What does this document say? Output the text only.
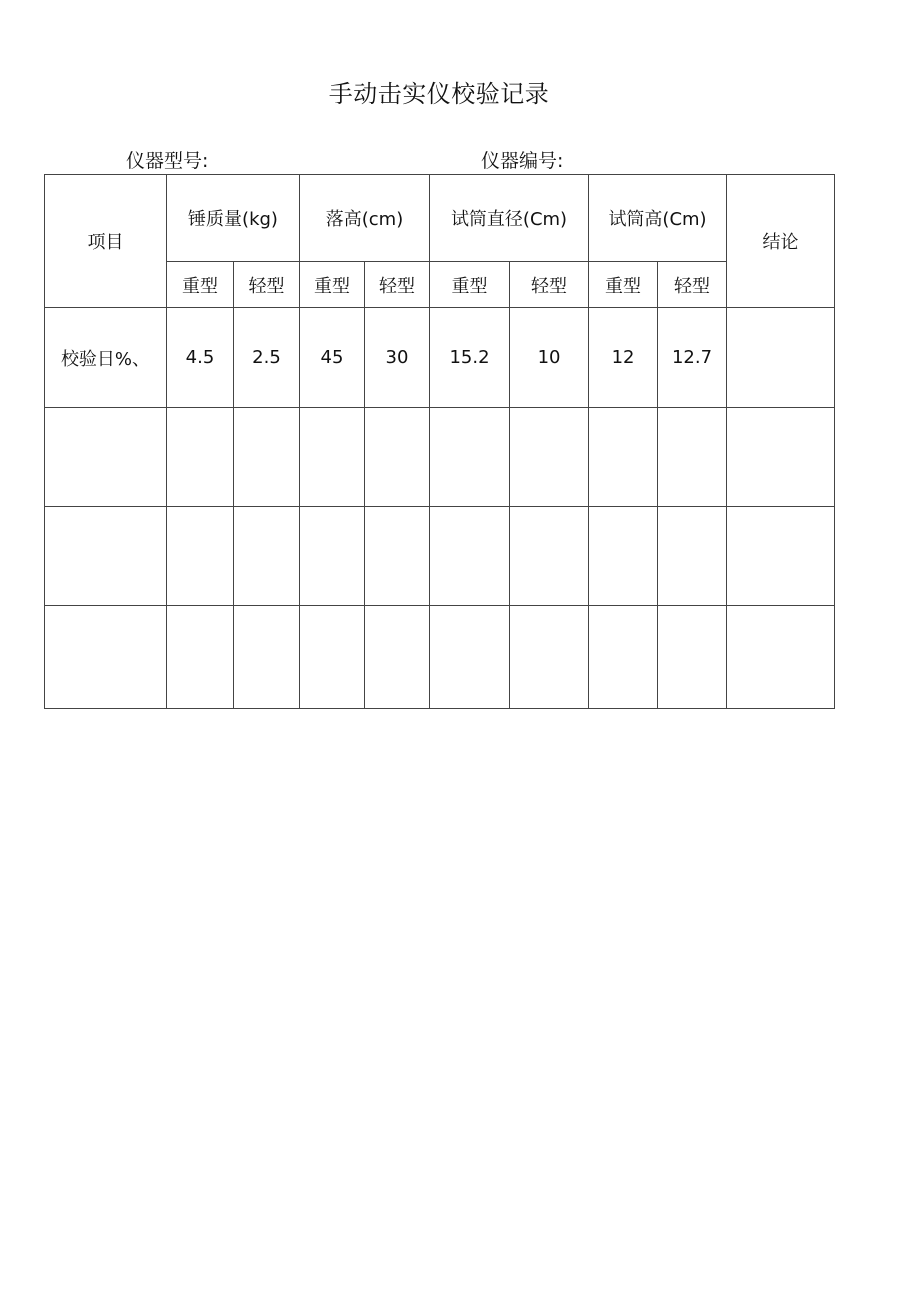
手动击实仪校验记录
仪器型号:	仪器编号:
项目	锤质量(kg)		落高(cm)		试筒直径(Cm)		试筒高(Cm)		结论
	重型	轻型	重型	轻型	重型	轻型	重型	轻型	
校验日%、	4.5	2.5	45	30	15.2	10	12	12.7	
